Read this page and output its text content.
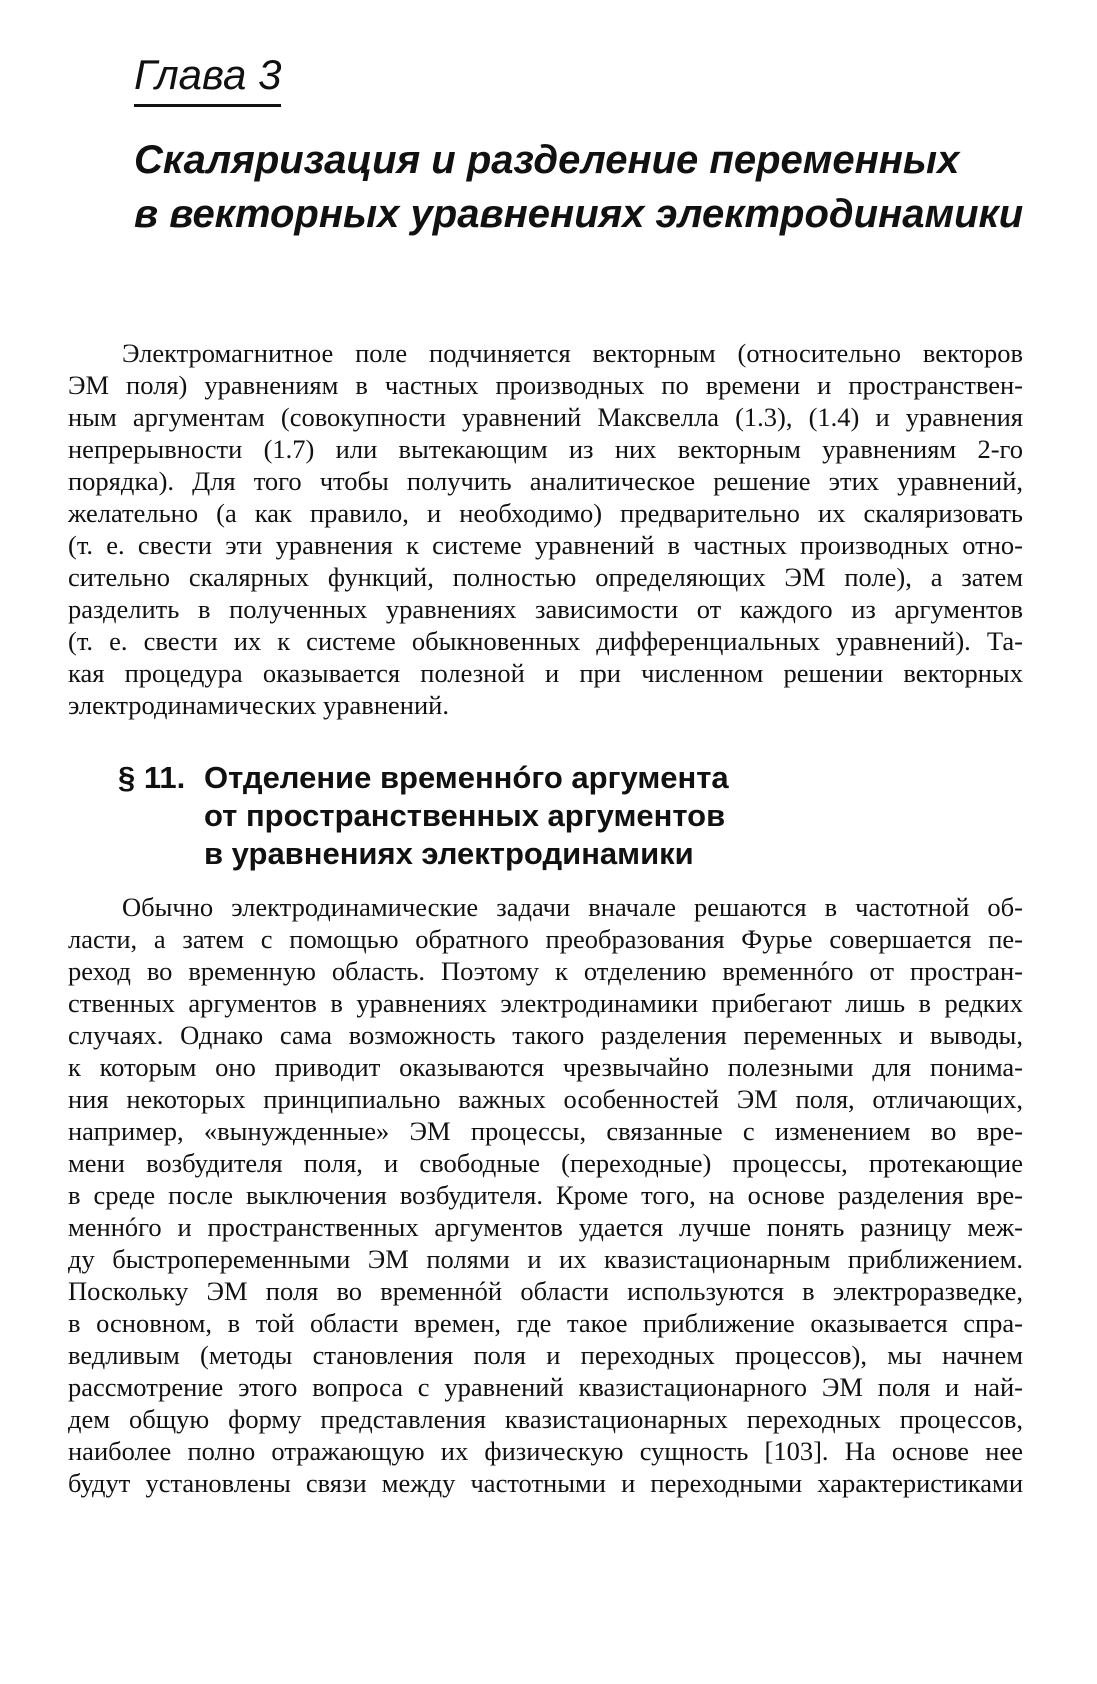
Глава 3
Скаляризация и разделение переменных
в векторных уравнениях электродинамики
Электромагнитное поле подчиняется векторным (относительно векторов
ЭМ поля) уравнениям в частных производных по времени и пространствен-
ным аргументам (совокупности уравнений Максвелла (1.3), (1.4) и уравнения
непрерывности (1.7) или вытекающим из них векторным уравнениям 2-го
порядка). Для того чтобы получить аналитическое решение этих уравнений,
желательно (а как правило, и необходимо) предварительно их скаляризовать
(т. е. свести эти уравнения к системе уравнений в частных производных отно-
сительно скалярных функций, полностью определяющих ЭМ поле), а затем
разделить в полученных уравнениях зависимости от каждого из аргументов
(т. е. свести их к системе обыкновенных дифференциальных уравнений). Та-
кая процедура оказывается полезной и при численном решении векторных
электродинамических уравнений.
§ 11. Отделение временнóго аргумента
от пространственных аргументов
в уравнениях электродинамики
Обычно электродинамические задачи вначале решаются в частотной об-
ласти, а затем с помощью обратного преобразования Фурье совершается пе-
реход во временную область. Поэтому к отделению временнóго от простран-
ственных аргументов в уравнениях электродинамики прибегают лишь в редких
случаях. Однако сама возможность такого разделения переменных и выводы,
к которым оно приводит оказываются чрезвычайно полезными для понима-
ния некоторых принципиально важных особенностей ЭМ поля, отличающих,
например, «вынужденные» ЭМ процессы, связанные с изменением во вре-
мени возбудителя поля, и свободные (переходные) процессы, протекающие
в среде после выключения возбудителя. Кроме того, на основе разделения вре-
меннóго и пространственных аргументов удается лучше понять разницу меж-
ду быстропеременными ЭМ полями и их квазистационарным приближением.
Поскольку ЭМ поля во временнóй области используются в электроразведке,
в основном, в той области времен, где такое приближение оказывается спра-
ведливым (методы становления поля и переходных процессов), мы начнем
рассмотрение этого вопроса с уравнений квазистационарного ЭМ поля и най-
дем общую форму представления квазистационарных переходных процессов,
наиболее полно отражающую их физическую сущность [103]. На основе нее
будут установлены связи между частотными и переходными характеристиками
